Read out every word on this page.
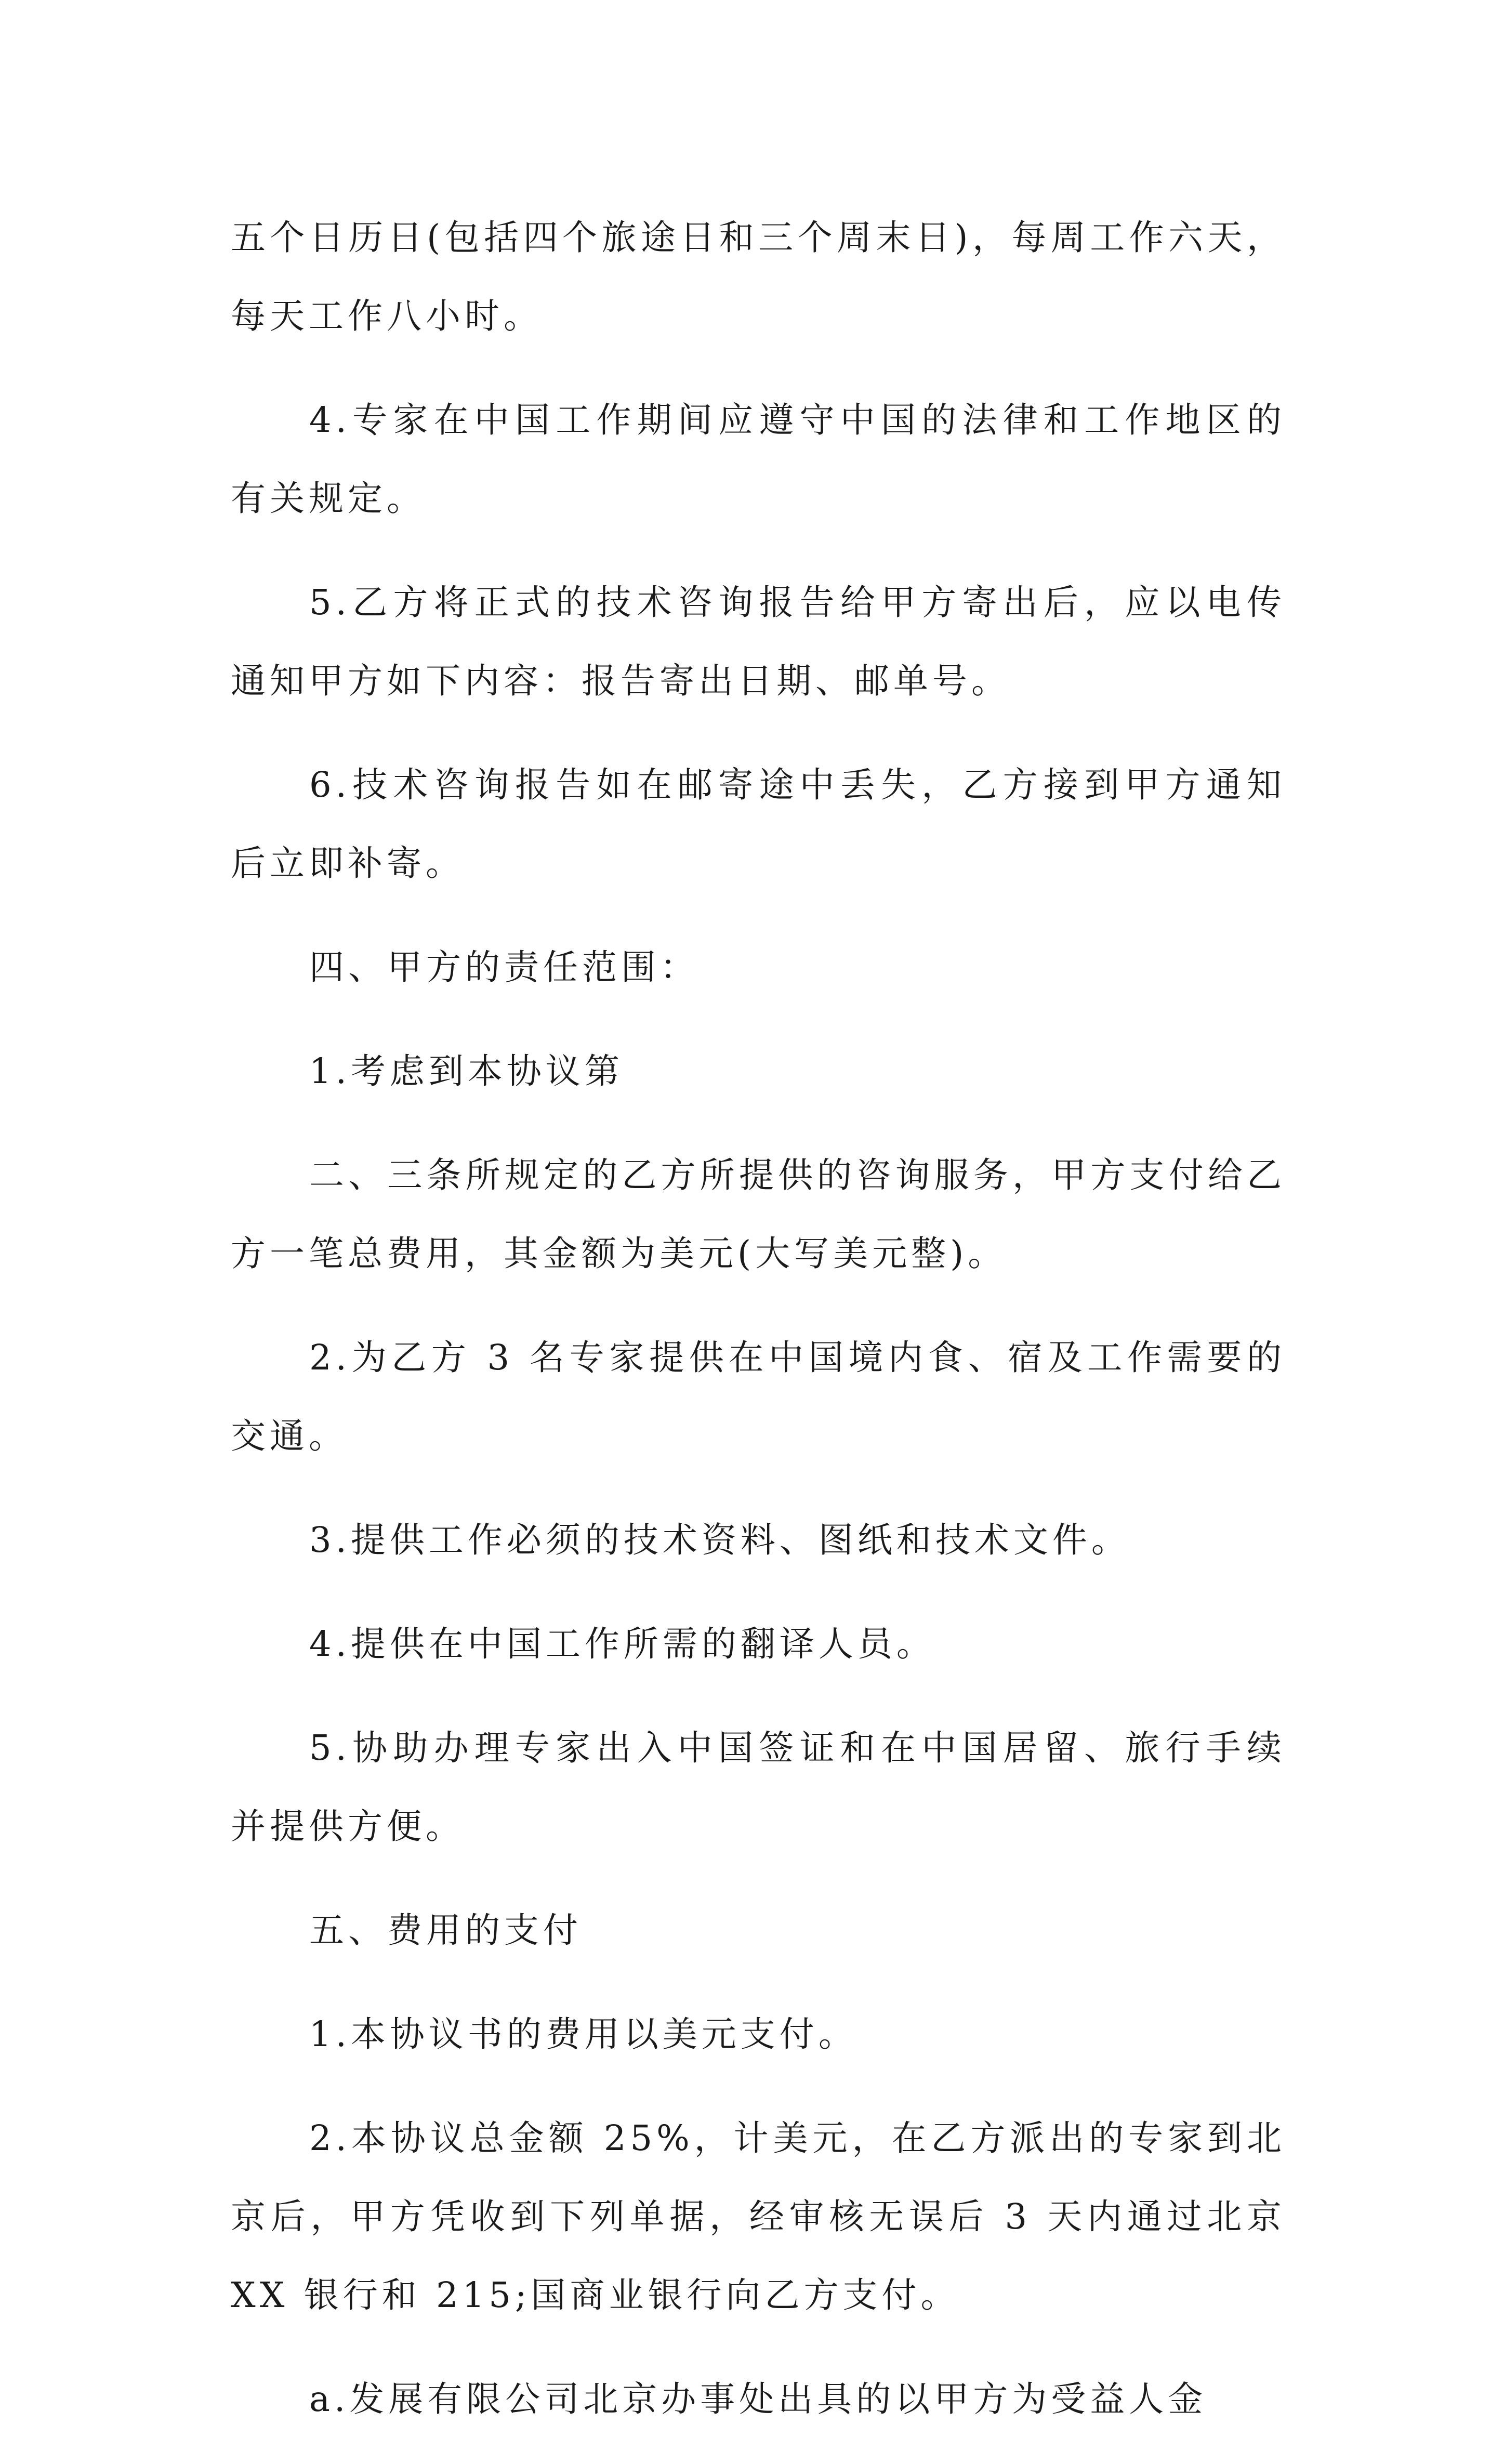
五个日历日(包括四个旅途日和三个周末日)，每周工作六天，每天工作八小时。

4.专家在中国工作期间应遵守中国的法律和工作地区的有关规定。

5.乙方将正式的技术咨询报告给甲方寄出后，应以电传通知甲方如下内容：报告寄出日期、邮单号。

6.技术咨询报告如在邮寄途中丢失，乙方接到甲方通知后立即补寄。

四、甲方的责任范围：

1.考虑到本协议第

二、三条所规定的乙方所提供的咨询服务，甲方支付给乙方一笔总费用，其金额为美元(大写美元整)。

2.为乙方 3 名专家提供在中国境内食、宿及工作需要的交通。

3.提供工作必须的技术资料、图纸和技术文件。

4.提供在中国工作所需的翻译人员。

5.协助办理专家出入中国签证和在中国居留、旅行手续并提供方便。

五、费用的支付

1.本协议书的费用以美元支付。

2.本协议总金额 25%，计美元，在乙方派出的专家到北京后，甲方凭收到下列单据，经审核无误后 3 天内通过北京 XX 银行和 215;国商业银行向乙方支付。

a.发展有限公司北京办事处出具的以甲方为受益人金
